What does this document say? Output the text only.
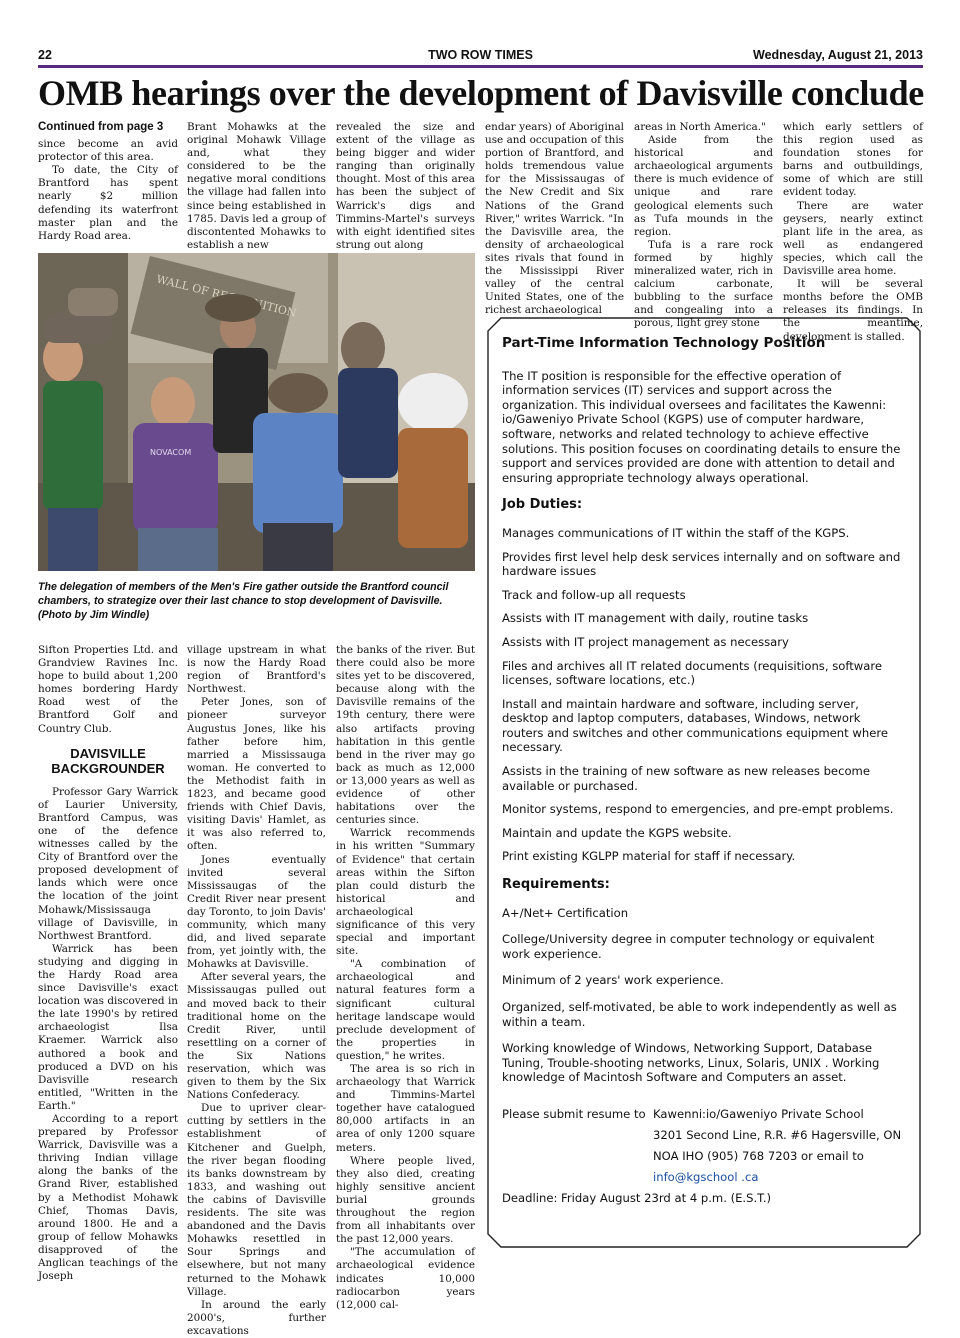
22	TWO ROW TIMES	Wednesday, August 21, 2013
OMB hearings over the development of Davisville conclude
Continued from page 3

since become an avid protector of this area.

To date, the City of Brantford has spent nearly $2 million defending its waterfront master plan and the Hardy Road area.

Brant Mohawks at the original Mohawk Village and, what they considered to be the negative moral conditions the village had fallen into since being established in 1785. Davis led a group of discontented Mohawks to establish a new

revealed the size and extent of the village as being bigger and wider ranging than originally thought. Most of this area has been the subject of Warrick's digs and Timmins-Martel's surveys with eight identified sites strung out along

endar years) of Aboriginal use and occupation of this portion of Brantford, and holds tremendous value for the Mississaugas of the New Credit and Six Nations of the Grand River," writes Warrick. "In the Davisville area, the density of archaeological sites rivals that found in the Mississippi River valley of the central United States, one of the richest archaeological

areas in North America."

Aside from the historical and archaeological arguments there is much evidence of unique and rare geological elements such as Tufa mounds in the region.

Tufa is a rare rock formed by highly mineralized water, rich in calcium carbonate, bubbling to the surface and congealing into a porous, light grey stone

which early settlers of this region used as foundation stones for barns and outbuildings, some of which are still evident today.

There are water geysers, nearly extinct plant life in the area, as well as endangered species, which call the Davisville area home.

It will be several months before the OMB releases its findings. In the meantime, development is stalled.

WALL OF
NOVACOM
The delegation of members of the Men's Fire gather outside the Brantford council chambers, to strategize over their last chance to stop development of Davisville. (Photo by Jim Windle)

Sifton Properties Ltd. and Grandview Ravines Inc. hope to build about 1,200 homes bordering Hardy Road west of the Brantford Golf and Country Club.

DAVISVILLE BACKGROUNDER

Professor Gary Warrick of Laurier University, Brantford Campus, was one of the defence witnesses called by the City of Brantford over the proposed development of lands which were once the location of the joint Mohawk/Mississauga village of Davisville, in Northwest Brantford.

Warrick has been studying and digging in the Hardy Road area since Davisville's exact location was discovered in the late 1990's by retired archaeologist Ilsa Kraemer. Warrick also authored a book and produced a DVD on his Davisville research entitled, "Written in the Earth."

According to a report prepared by Professor Warrick, Davisville was a thriving Indian village along the banks of the Grand River, established by a Methodist Mohawk Chief, Thomas Davis, around 1800. He and a group of fellow Mohawks disapproved of the Anglican teachings of the Joseph

village upstream in what is now the Hardy Road region of Brantford's Northwest.

Peter Jones, son of pioneer surveyor Augustus Jones, like his father before him, married a Mississauga woman. He converted to the Methodist faith in 1823, and became good friends with Chief Davis, visiting Davis' Hamlet, as it was also referred to, often.

Jones eventually invited several Mississaugas of the Credit River near present day Toronto, to join Davis' community, which many did, and lived separate from, yet jointly with, the Mohawks at Davisville.

After several years, the Mississaugas pulled out and moved back to their traditional home on the Credit River, until resettling on a corner of the Six Nations reservation, which was given to them by the Six Nations Confederacy.

Due to upriver clear-cutting by settlers in the establishment of Kitchener and Guelph, the river began flooding its banks downstream by 1833, and washing out the cabins of Davisville residents. The site was abandoned and the Davis Mohawks resettled in Sour Springs and elsewhere, but not many returned to the Mohawk Village.

In around the early 2000's, further excavations

the banks of the river. But there could also be more sites yet to be discovered, because along with the Davisville remains of the 19th century, there were also artifacts proving habitation in this gentle bend in the river may go back as much as 12,000 or 13,000 years as well as evidence of other habitations over the centuries since.

Warrick recommends in his written "Summary of Evidence" that certain areas within the Sifton plan could disturb the historical and archaeological significance of this very special and important site.

"A combination of archaeological and natural features form a significant cultural heritage landscape would preclude development of the properties in question," he writes.

The area is so rich in archaeology that Warrick and Timmins-Martel together have catalogued 80,000 artifacts in an area of only 1200 square meters.

Where people lived, they also died, creating highly sensitive ancient burial grounds throughout the region from all inhabitants over the past 12,000 years.

"The accumulation of archaeological evidence indicates 10,000 radiocarbon years (12,000 cal-

Part-Time Information Technology Position
The IT position is responsible for the effective operation of information services (IT) services and support across the organization. This individual oversees and facilitates the Kawenni: io/Gaweniyo Private School (KGPS) use of computer hardware, software, networks and related technology to achieve effective solutions. This position focuses on coordinating details to ensure the support and services provided are done with attention to detail and ensuring appropriate technology always operational.
Job Duties:
Manages communications of IT within the staff of the KGPS.
Provides first level help desk services internally and on software and hardware issues
Track and follow-up all requests
Assists with IT management with daily, routine tasks
Assists with IT project management as necessary
Files and archives all IT related documents (requisitions, software licenses, software locations, etc.)
Install and maintain hardware and software, including server, desktop and laptop computers, databases, Windows, network routers and switches and other communications equipment where necessary.
Assists in the training of new software as new releases become available or purchased.
Monitor systems, respond to emergencies, and pre-empt problems.
Maintain and update the KGPS website.
Print existing KGLPP material for staff if necessary.
Requirements:
A+/Net+ Certification
College/University degree in computer technology or equivalent work experience.
Minimum of 2 years' work experience.
Organized, self-motivated, be able to work independently as well as within a team.
Working knowledge of Windows, Networking Support, Database Tuning, Trouble-shooting networks, Linux, Solaris, UNIX . Working knowledge of Macintosh Software and Computers an asset.
Please submit resume to Kawenni:io/Gaweniyo Private School
3201 Second Line, R.R. #6 Hagersville, ON
NOA IHO (905) 768 7203 or email to
info@kgschool .ca
Deadline: Friday August 23rd at 4 p.m. (E.S.T.)
